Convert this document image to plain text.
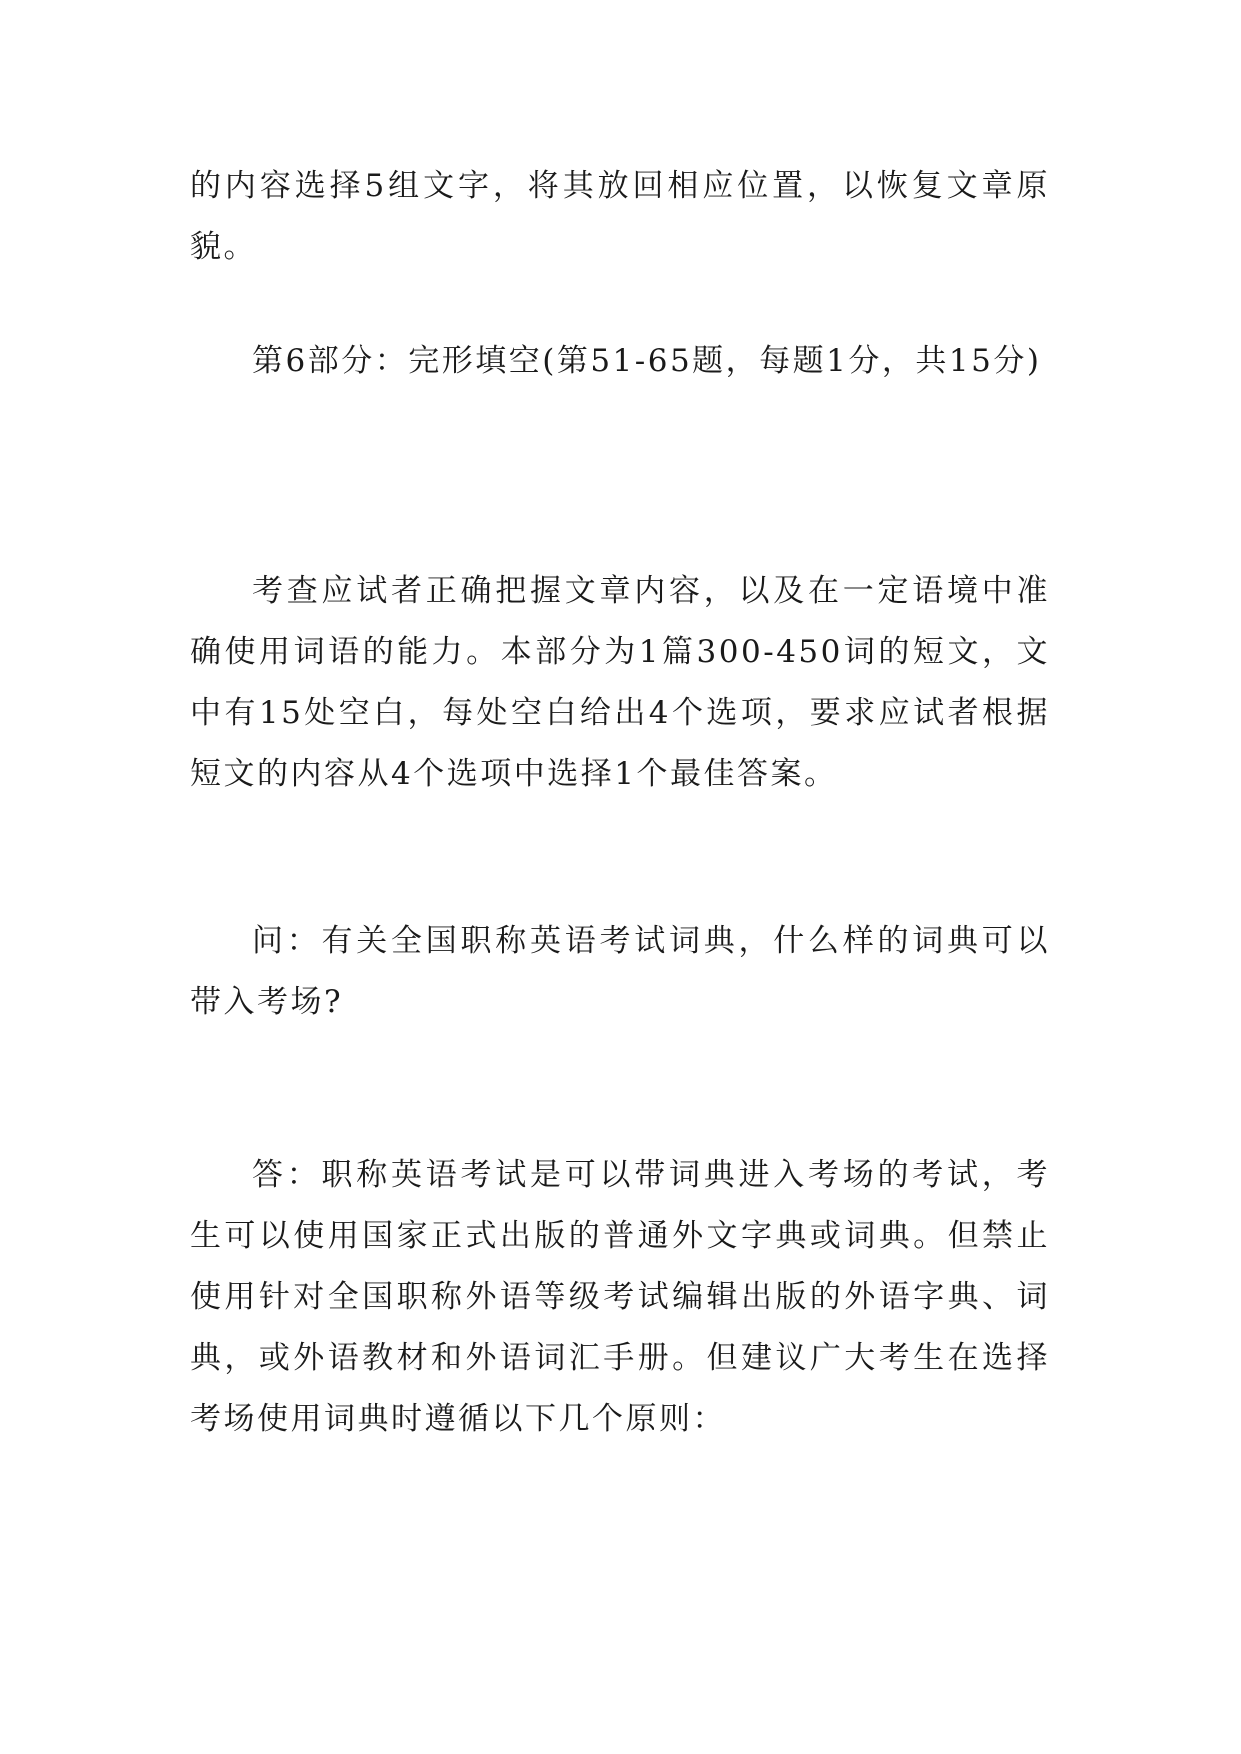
的内容选择5组文字，将其放回相应位置，以恢复文章原貌。

第6部分：完形填空(第51-65题，每题1分，共15分)

考查应试者正确把握文章内容，以及在一定语境中准确使用词语的能力。本部分为1篇300-450词的短文，文中有15处空白，每处空白给出4个选项，要求应试者根据短文的内容从4个选项中选择1个最佳答案。

问：有关全国职称英语考试词典，什么样的词典可以带入考场?

答：职称英语考试是可以带词典进入考场的考试，考生可以使用国家正式出版的普通外文字典或词典。但禁止使用针对全国职称外语等级考试编辑出版的外语字典、词典，或外语教材和外语词汇手册。但建议广大考生在选择考场使用词典时遵循以下几个原则：
